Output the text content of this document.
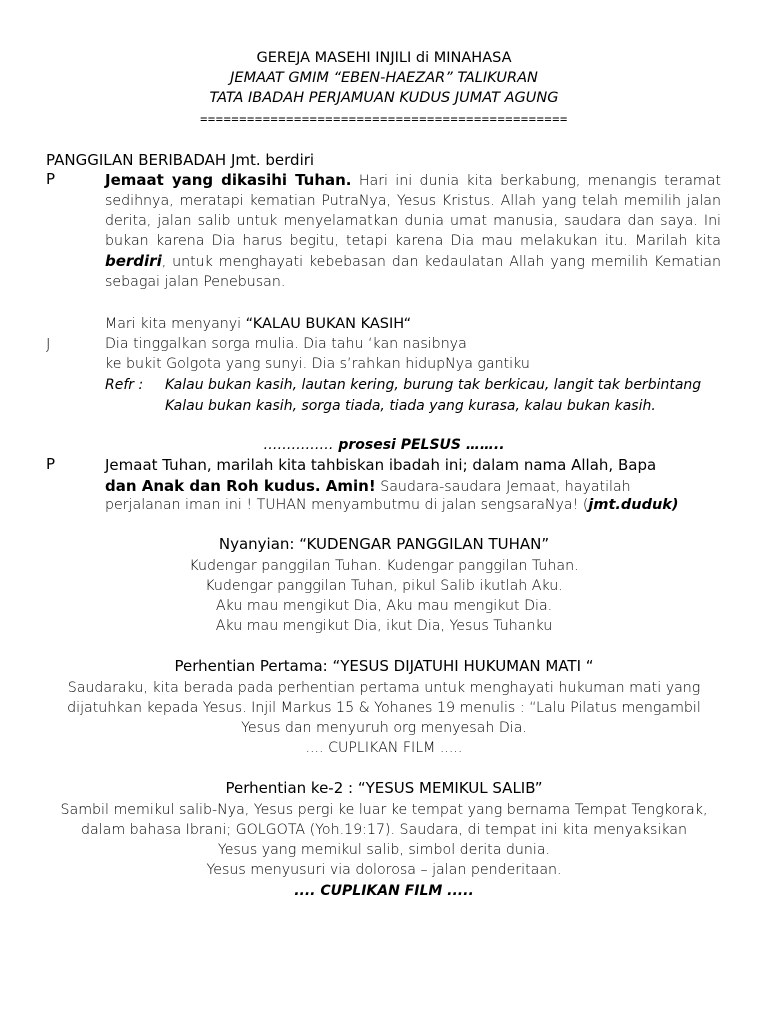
GEREJA MASEHI INJILI di MINAHASA
JEMAAT GMIM “EBEN-HAEZAR” TALIKURAN
TATA IBADAH PERJAMUAN KUDUS JUMAT AGUNG
===============================================
PANGGILAN BERIBADAH Jmt. berdiri
P	Jemaat yang dikasihi Tuhan. Hari ini dunia kita berkabung, menangis teramat
sedihnya, meratapi kematian PutraNya, Yesus Kristus. Allah yang telah memilih jalan
derita, jalan salib untuk menyelamatkan dunia umat manusia, saudara dan saya. Ini
bukan karena Dia harus begitu, tetapi karena Dia mau melakukan itu. Marilah kita
berdiri, untuk menghayati kebebasan dan kedaulatan Allah yang memilih Kematian
sebagai jalan Penebusan.
Mari kita menyanyi “KALAU BUKAN KASIH“
J	Dia tinggalkan sorga mulia. Dia tahu ‘kan nasibnya
ke bukit Golgota yang sunyi. Dia s’rahkan hidupNya gantiku
Refr : Kalau bukan kasih, lautan kering, burung tak berkicau, langit tak berbintang
Kalau bukan kasih, sorga tiada, tiada yang kurasa, kalau bukan kasih.
…………… prosesi PELSUS ……..
P	Jemaat Tuhan, marilah kita tahbiskan ibadah ini; dalam nama Allah, Bapa
dan Anak dan Roh kudus. Amin! Saudara-saudara Jemaat, hayatilah
perjalanan iman ini ! TUHAN menyambutmu di jalan sengsaraNya! (jmt.duduk)
Nyanyian: “KUDENGAR PANGGILAN TUHAN”
Kudengar panggilan Tuhan. Kudengar panggilan Tuhan.
Kudengar panggilan Tuhan, pikul Salib ikutlah Aku.
Aku mau mengikut Dia, Aku mau mengikut Dia.
Aku mau mengikut Dia, ikut Dia, Yesus Tuhanku
Perhentian Pertama: “YESUS DIJATUHI HUKUMAN MATI “
Saudaraku, kita berada pada perhentian pertama untuk menghayati hukuman mati yang
dijatuhkan kepada Yesus. Injil Markus 15 & Yohanes 19 menulis : “Lalu Pilatus mengambil
Yesus dan menyuruh org menyesah Dia.
.... CUPLIKAN FILM .....
Perhentian ke-2 : “YESUS MEMIKUL SALIB”
Sambil memikul salib-Nya, Yesus pergi ke luar ke tempat yang bernama Tempat Tengkorak,
dalam bahasa Ibrani; GOLGOTA (Yoh.19:17). Saudara, di tempat ini kita menyaksikan
Yesus yang memikul salib, simbol derita dunia.
Yesus menyusuri via dolorosa – jalan penderitaan.
.... CUPLIKAN FILM .....
